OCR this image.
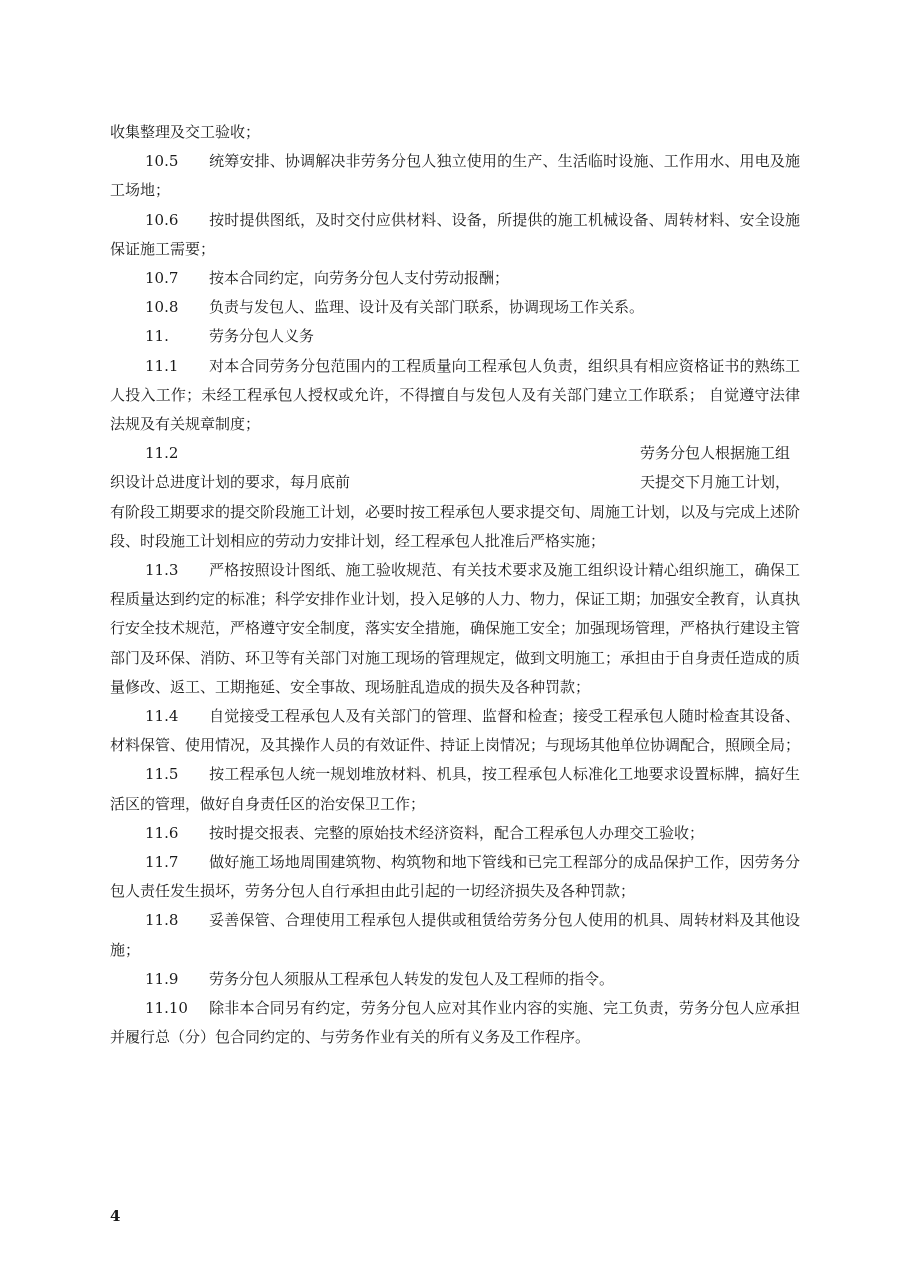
收集整理及交工验收；

10.5 统筹安排、协调解决非劳务分包人独立使用的生产、生活临时设施、工作用水、用电及施工场地；

10.6 按时提供图纸，及时交付应供材料、设备，所提供的施工机械设备、周转材料、安全设施保证施工需要；

10.7 按本合同约定，向劳务分包人支付劳动报酬；

10.8 负责与发包人、监理、设计及有关部门联系，协调现场工作关系。

11.	劳务分包人义务

11.1 对本合同劳务分包范围内的工程质量向工程承包人负责，组织具有相应资格证书的熟练工人投入工作；未经工程承包人授权或允许，不得擅自与发包人及有关部门建立工作联系； 自觉遵守法律法规及有关规章制度；

11.2	劳务分包人根据施工组
织设计总进度计划的要求，每月底前	天提交下月施工计划，

有阶段工期要求的提交阶段施工计划，必要时按工程承包人要求提交旬、周施工计划，以及与完成上述阶段、时段施工计划相应的劳动力安排计划，经工程承包人批准后严格实施；

11.3 严格按照设计图纸、施工验收规范、有关技术要求及施工组织设计精心组织施工，确保工程质量达到约定的标准；科学安排作业计划，投入足够的人力、物力，保证工期；加强安全教育，认真执行安全技术规范，严格遵守安全制度，落实安全措施，确保施工安全；加强现场管理，严格执行建设主管部门及环保、消防、环卫等有关部门对施工现场的管理规定，做到文明施工；承担由于自身责任造成的质量修改、返工、工期拖延、安全事故、现场脏乱造成的损失及各种罚款；

11.4 自觉接受工程承包人及有关部门的管理、监督和检查；接受工程承包人随时检查其设备、材料保管、使用情况，及其操作人员的有效证件、持证上岗情况；与现场其他单位协调配合，照顾全局；

11.5 按工程承包人统一规划堆放材料、机具，按工程承包人标准化工地要求设置标牌，搞好生活区的管理，做好自身责任区的治安保卫工作；

11.6 按时提交报表、完整的原始技术经济资料，配合工程承包人办理交工验收；

11.7 做好施工场地周围建筑物、构筑物和地下管线和已完工程部分的成品保护工作，因劳务分包人责任发生损坏，劳务分包人自行承担由此引起的一切经济损失及各种罚款；

11.8 妥善保管、合理使用工程承包人提供或租赁给劳务分包人使用的机具、周转材料及其他设施；

11.9 劳务分包人须服从工程承包人转发的发包人及工程师的指令。

11.10 除非本合同另有约定，劳务分包人应对其作业内容的实施、完工负责，劳务分包人应承担并履行总（分）包合同约定的、与劳务作业有关的所有义务及工作程序。

4
